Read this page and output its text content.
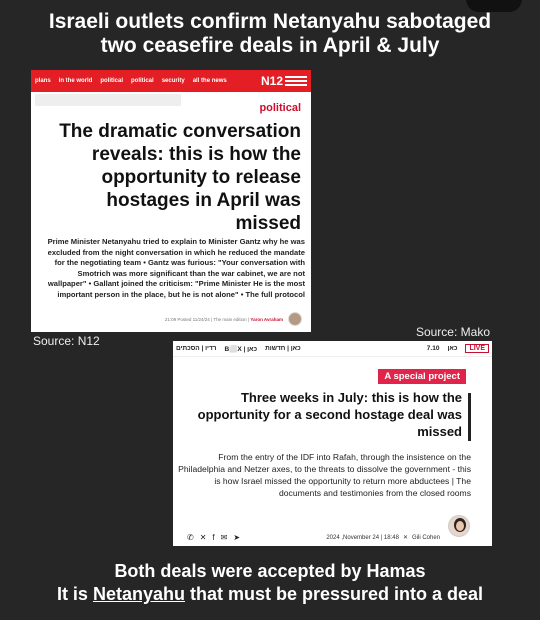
Israeli outlets confirm Netanyahu sabotaged
two ceasefire deals in April & July
plans in the world political political security all the news	N12
political
The dramatic conversation reveals: this is how the opportunity to release hostages in April was missed
Prime Minister Netanyahu tried to explain to Minister Gantz why he was excluded from the night conversation in which he reduced the mandate for the negotiating team • Gantz was furious: "Your conversation with Smotrich was more significant than the war cabinet, we are not wallpaper" • Gallant joined the criticism: "Prime Minister He is the most important person in the place, but he is not alone" • The full protocol
21:09 Posted 11/24/24 | The main edition | Yaron Avraham
Source: N12
Source: Mako
רדיו | הסכתים B⬜X | כאן כאן | חדשות	7.10 כאן	LIVE
A special project
Three weeks in July: this is how the opportunity for a second hostage deal was missed
From the entry of the IDF into Rafah, through the insistence on the Philadelphia and Netzer axes, to the threats to dissolve the government - this is how Israel missed the opportunity to return more abductees | The documents and testimonies from the closed rooms
✆ ✕ f ✉ ➤	2024 ,November 24 | 18:48 ✕ Gili Cohen
Both deals were accepted by Hamas
It is Netanyahu that must be pressured into a deal
